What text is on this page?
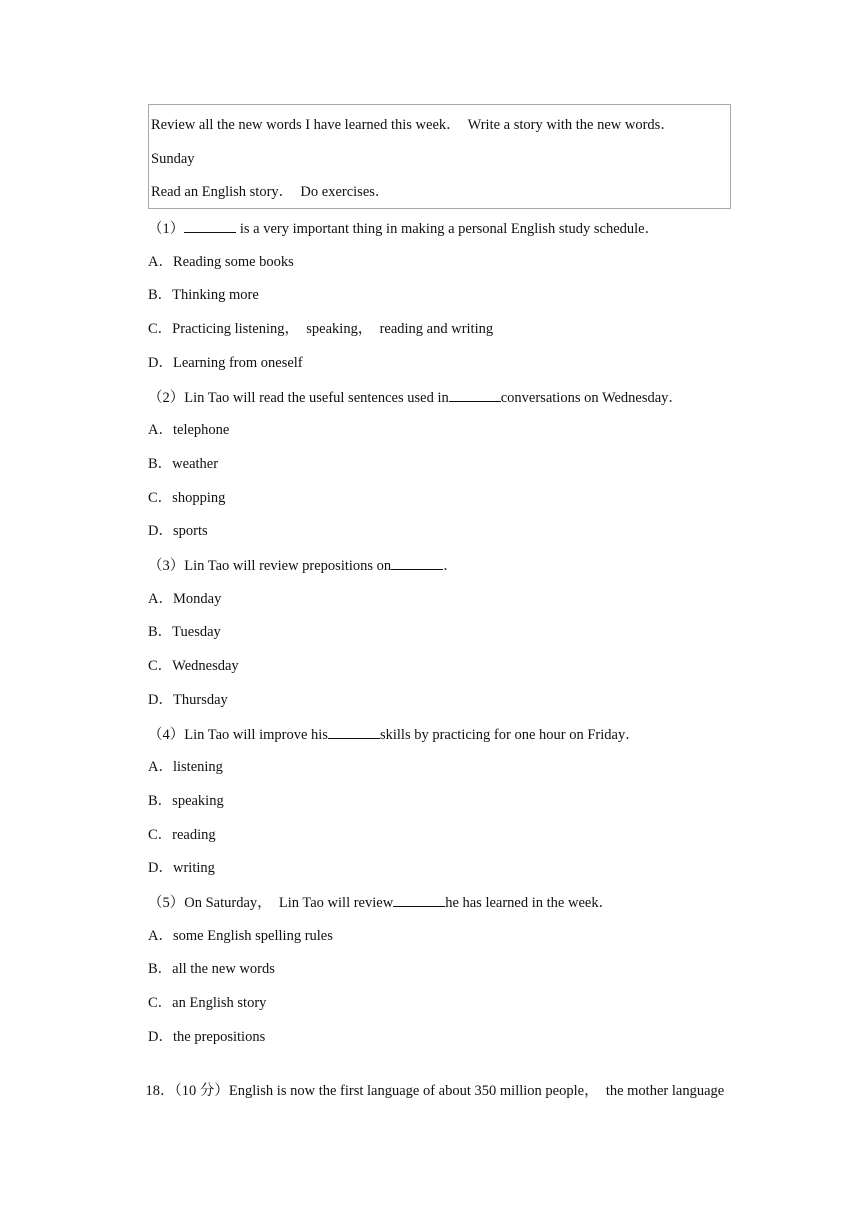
Review all the new words I have learned this week．  Write a story with the new words．
Sunday
Read an English story．  Do exercises．
（1）	is a very important thing in making a personal English study schedule．
A．Reading some books
B．Thinking more
C．Practicing listening，  speaking，  reading and writing
D．Learning from oneself
（2）Lin Tao will read the useful sentences used in	conversations on Wednesday．
A．telephone
B．weather
C．shopping
D．sports
（3）Lin Tao will review prepositions on	．
A．Monday
B．Tuesday
C．Wednesday
D．Thursday
（4）Lin Tao will improve his	skills by practicing for one hour on Friday．
A．listening
B．speaking
C．reading
D．writing
（5）On Saturday，  Lin Tao will review	he has learned in the week．
A．some English spelling rules
B．all the new words
C．an English story
D．the prepositions

18．（10 分）English is now the first language of about 350 million people，  the mother language
